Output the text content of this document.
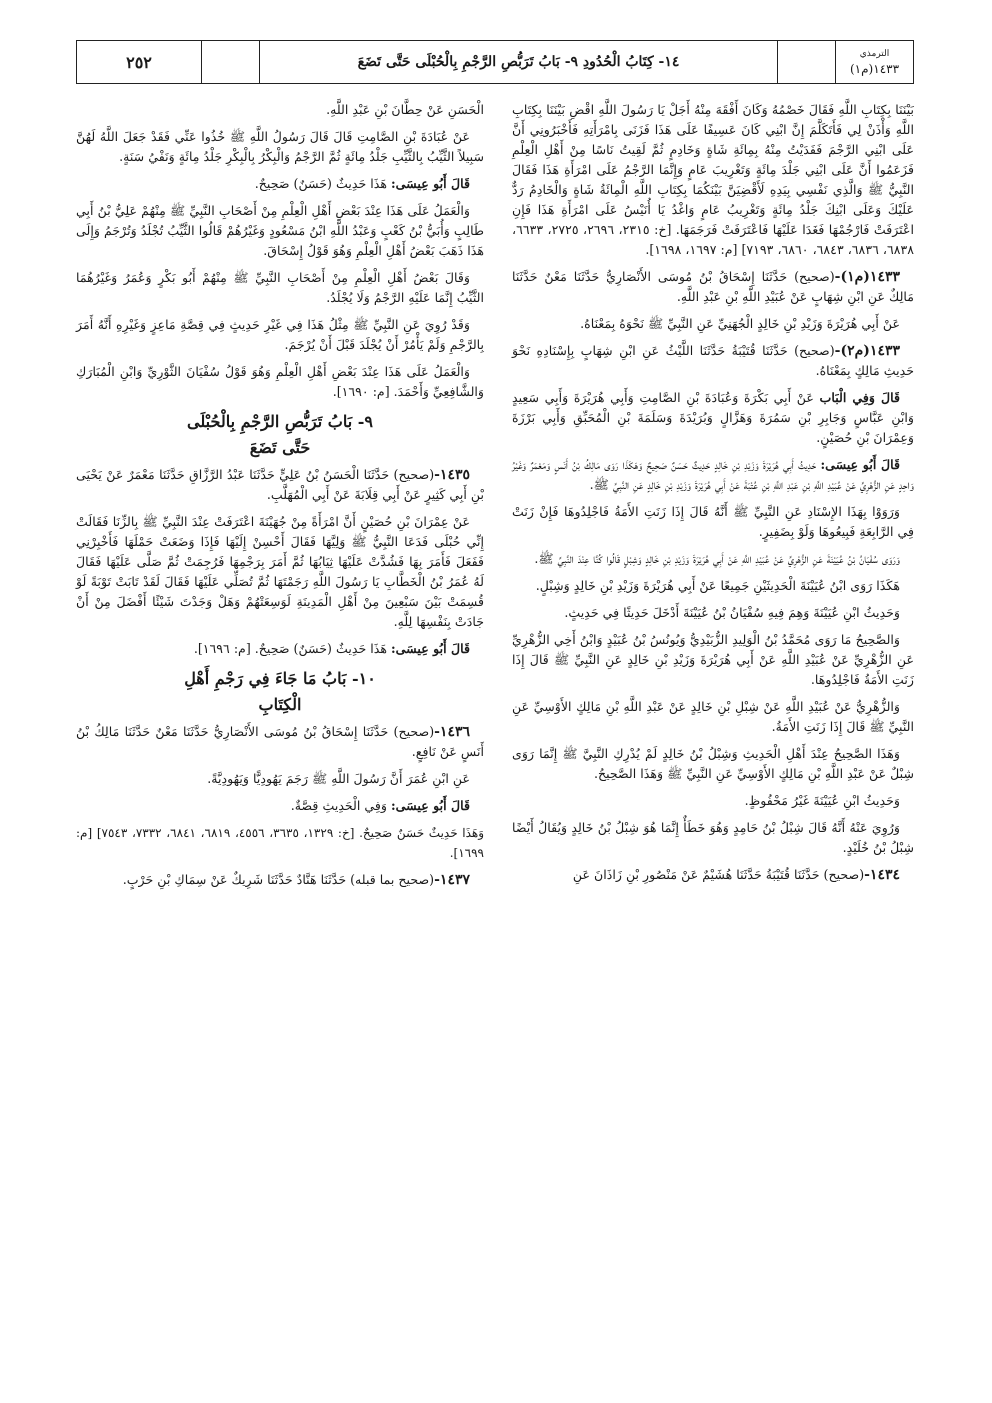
الترمذي
١٤٣٣(م١)
١٤- كِتَابُ الْحُدُودِ ٩- بَابُ تَرَبُّصِ الرَّجْمِ بِالْحُبْلَى حَتَّى تَضَعَ
٢٥٢

بَيْنَنَا بِكِتَابِ اللَّهِ فَقَالَ خَصْمُهُ وَكَانَ أَفْقَهَ مِنْهُ أَجَلْ يَا رَسُولَ اللَّهِ اقْضِ بَيْنَنَا بِكِتَابِ اللَّهِ وَأْذَنْ لِي فَأَتَكَلَّمَ إِنَّ ابْنِي كَانَ عَسِيفًا عَلَى هَذَا فَزَنَى بِامْرَأَتِهِ فَأَخْبَرُونِي أَنَّ عَلَى ابْنِي الرَّجْمَ فَفَدَيْتُ مِنْهُ بِمِائَةِ شَاةٍ وَخَادِمٍ ثُمَّ لَقِيتُ نَاسًا مِنْ أَهْلِ الْعِلْمِ فَزَعَمُوا أَنَّ عَلَى ابْنِي جَلْدَ مِائَةٍ وَتَغْرِيبَ عَامٍ وَإِنَّمَا الرَّجْمُ عَلَى امْرَأَةِ هَذَا فَقَالَ النَّبِيُّ ﷺ وَالَّذِي نَفْسِي بِيَدِهِ لَأَقْضِيَنَّ بَيْنَكُمَا بِكِتَابِ اللَّهِ الْمِائَةُ شَاةٍ وَالْخَادِمُ رَدٌّ عَلَيْكَ وَعَلَى ابْنِكَ جَلْدُ مِائَةٍ وَتَغْرِيبُ عَامٍ وَاغْدُ يَا أُنَيْسُ عَلَى امْرَأَةِ هَذَا فَإِنِ اعْتَرَفَتْ فَارْجُمْهَا فَغَدَا عَلَيْهَا فَاعْتَرَفَتْ فَرَجَمَهَا. [خ: ٢٣١٥، ٢٦٩٦، ٢٧٢٥، ٦٦٣٣، ٦٨٣٨، ٦٨٣٦، ٦٨٤٣، ٦٨٦٠، ٧١٩٣] [م: ١٦٩٧، ١٦٩٨].

١٤٣٣(م١)-(صحيح) حَدَّثَنَا إِسْحَاقُ بْنُ مُوسَى الأَنْصَارِيُّ حَدَّثَنَا مَعْنٌ حَدَّثَنَا مَالِكٌ عَنِ ابْنِ شِهَابٍ عَنْ عُبَيْدِ اللَّهِ بْنِ عَبْدِ اللَّهِ.

عَنْ أَبِي هُرَيْرَةَ وَزَيْدِ بْنِ خَالِدٍ الْجُهَنِيِّ عَنِ النَّبِيِّ ﷺ نَحْوَهُ بِمَعْنَاهُ.

١٤٣٣(م٢)-(صحيح) حَدَّثَنَا قُتَيْبَةُ حَدَّثَنَا اللَّيْثُ عَنِ ابْنِ شِهَابٍ بِإِسْنَادِهِ نَحْوَ حَدِيثِ مَالِكٍ بِمَعْنَاهُ.

قَالَ وَفِي الْبَاب عَنْ أَبِي بَكْرَةَ وَعُبَادَةَ بْنِ الصَّامِتِ وَأَبِي هُرَيْرَةَ وَأَبِي سَعِيدٍ وَابْنِ عَبَّاسٍ وَجَابِرِ بْنِ سَمُرَةَ وَهَزَّالٍ وَبُرَيْدَةَ وَسَلَمَةَ بْنِ الْمُحَبِّقِ وَأَبِي بَرْزَةَ وَعِمْرَانَ بْنِ حُصَيْنٍ.

قَالَ أَبُو عِيسَى: حَدِيثُ أَبِي هُرَيْرَةَ وَزَيْدِ بْنِ خَالِدٍ حَدِيثٌ حَسَنٌ صَحِيحٌ وَهَكَذَا رَوَى مَالِكُ بْنُ أَنَسٍ وَمَعْمَرٌ وَغَيْرُ وَاحِدٍ عَنِ الزُّهْرِيِّ عَنْ عُبَيْدِ اللَّهِ بْنِ عَبْدِ اللَّهِ بْنِ عُتْبَةَ عَنْ أَبِي هُرَيْرَةَ وَزَيْدِ بْنِ خَالِدٍ عَنِ النَّبِيِّ ﷺ.

وَرَوَوْا بِهَذَا الإِسْنَادِ عَنِ النَّبِيِّ ﷺ أَنَّهُ قَالَ إِذَا زَنَتِ الأَمَةُ فَاجْلِدُوهَا فَإِنْ زَنَتْ فِي الرَّابِعَةِ فَبِيعُوهَا وَلَوْ بِضَفِيرٍ.

وَرَوَى سُفْيَانُ بْنُ عُيَيْنَةَ عَنِ الزُّهْرِيِّ عَنْ عُبَيْدِ اللَّهِ عَنْ أَبِي هُرَيْرَةَ وَزَيْدِ بْنِ خَالِدٍ وَشِبْلٍ قَالُوا كُنَّا عِنْدَ النَّبِيِّ ﷺ.

هَكَذَا رَوَى ابْنُ عُيَيْنَةَ الْحَدِيثَيْنِ جَمِيعًا عَنْ أَبِي هُرَيْرَةَ وَزَيْدِ بْنِ خَالِدٍ وَشِبْلٍ.

وَحَدِيثُ ابْنِ عُيَيْنَةَ وَهِمَ فِيهِ سُفْيَانُ بْنُ عُيَيْنَةَ أَدْخَلَ حَدِيثًا فِي حَدِيثٍ.

وَالصَّحِيحُ مَا رَوَى مُحَمَّدُ بْنُ الْوَلِيدِ الزُّبَيْدِيُّ وَيُونُسُ بْنُ عُبَيْدٍ وَابْنُ أَخِي الزُّهْرِيِّ عَنِ الزُّهْرِيِّ عَنْ عُبَيْدِ اللَّهِ عَنْ أَبِي هُرَيْرَةَ وَزَيْدِ بْنِ خَالِدٍ عَنِ النَّبِيِّ ﷺ قَالَ إِذَا زَنَتِ الأَمَةُ فَاجْلِدُوهَا.

وَالزُّهْرِيُّ عَنْ عُبَيْدِ اللَّهِ عَنْ شِبْلِ بْنِ خَالِدٍ عَنْ عَبْدِ اللَّهِ بْنِ مَالِكٍ الأَوْسِيِّ عَنِ النَّبِيِّ ﷺ قَالَ إِذَا زَنَتِ الأَمَةُ.

وَهَذَا الصَّحِيحُ عِنْدَ أَهْلِ الْحَدِيثِ وَشِبْلُ بْنُ خَالِدٍ لَمْ يُدْرِكِ النَّبِيَّ ﷺ إِنَّمَا رَوَى شِبْلٌ عَنْ عَبْدِ اللَّهِ بْنِ مَالِكٍ الأَوْسِيِّ عَنِ النَّبِيِّ ﷺ وَهَذَا الصَّحِيحُ.

وَحَدِيثُ ابْنِ عُيَيْنَةَ غَيْرُ مَحْفُوظٍ.

وَرُوِيَ عَنْهُ أَنَّهُ قَالَ شِبْلُ بْنُ حَامِدٍ وَهُوَ خَطَأٌ إِنَّمَا هُوَ شِبْلُ بْنُ خَالِدٍ وَيُقَالُ أَيْضًا شِبْلُ بْنُ خُلَيْدٍ.

١٤٣٤-(صحيح) حَدَّثَنَا قُتَيْبَةُ حَدَّثَنَا هُشَيْمٌ عَنْ مَنْصُورِ بْنِ زَاذَانَ عَنِ

الْحَسَنِ عَنْ حِطَّانَ بْنِ عَبْدِ اللَّهِ.

عَنْ عُبَادَةَ بْنِ الصَّامِتِ قَالَ قَالَ رَسُولُ اللَّهِ ﷺ خُذُوا عَنِّي فَقَدْ جَعَلَ اللَّهُ لَهُنَّ سَبِيلاً الثَّيِّبُ بِالثَّيِّبِ جَلْدُ مِائَةٍ ثُمَّ الرَّجْمُ وَالْبِكْرُ بِالْبِكْرِ جَلْدُ مِائَةٍ وَنَفْيُ سَنَةٍ.

قَالَ أَبُو عِيسَى: هَذَا حَدِيثٌ (حَسَنٌ) صَحِيحٌ.

وَالْعَمَلُ عَلَى هَذَا عِنْدَ بَعْضِ أَهْلِ الْعِلْمِ مِنْ أَصْحَابِ النَّبِيِّ ﷺ مِنْهُمْ عَلِيُّ بْنُ أَبِي طَالِبٍ وَأُبَيُّ بْنُ كَعْبٍ وَعَبْدُ اللَّهِ ابْنُ مَسْعُودٍ وَغَيْرُهُمْ قَالُوا الثَّيِّبُ تُجْلَدُ وَتُرْجَمُ وَإِلَى هَذَا ذَهَبَ بَعْضُ أَهْلِ الْعِلْمِ وَهُوَ قَوْلُ إِسْحَاقَ.

وَقَالَ بَعْضُ أَهْلِ الْعِلْمِ مِنْ أَصْحَابِ النَّبِيِّ ﷺ مِنْهُمْ أَبُو بَكْرٍ وَعُمَرُ وَغَيْرُهُمَا الثَّيِّبُ إِنَّمَا عَلَيْهِ الرَّجْمُ وَلَا يُجْلَدُ.

وَقَدْ رُوِيَ عَنِ النَّبِيِّ ﷺ مِثْلُ هَذَا فِي غَيْرِ حَدِيثٍ فِي قِصَّةِ مَاعِزٍ وَغَيْرِهِ أَنَّهُ أَمَرَ بِالرَّجْمِ وَلَمْ يَأْمُرْ أَنْ يُجْلَدَ قَبْلَ أَنْ يُرْجَمَ.

وَالْعَمَلُ عَلَى هَذَا عِنْدَ بَعْضِ أَهْلِ الْعِلْمِ وَهُوَ قَوْلُ سُفْيَانَ الثَّوْرِيِّ وَابْنِ الْمُبَارَكِ وَالشَّافِعِيِّ وَأَحْمَدَ. [م: ١٦٩٠].

٩- بَابُ تَرَبُّصِ الرَّجْمِ بِالْحُبْلَى
حَتَّى تَضَعَ

١٤٣٥-(صحيح) حَدَّثَنَا الْحَسَنُ بْنُ عَلِيٍّ حَدَّثَنَا عَبْدُ الرَّزَّاقِ حَدَّثَنَا مَعْمَرٌ عَنْ يَحْيَى بْنِ أَبِي كَثِيرٍ عَنْ أَبِي قِلَابَةَ عَنْ أَبِي الْمُهَلَّبِ.

عَنْ عِمْرَانَ بْنِ حُصَيْنٍ أَنَّ امْرَأَةً مِنْ جُهَيْنَةَ اعْتَرَفَتْ عِنْدَ النَّبِيِّ ﷺ بِالزِّنَا فَقَالَتْ إِنِّي حُبْلَى فَدَعَا النَّبِيُّ ﷺ وَلِيَّهَا فَقَالَ أَحْسِنْ إِلَيْهَا فَإِذَا وَضَعَتْ حَمْلَهَا فَأَخْبِرْنِي فَفَعَلَ فَأَمَرَ بِهَا فَشُدَّتْ عَلَيْهَا ثِيَابُهَا ثُمَّ أَمَرَ بِرَجْمِهَا فَرُجِمَتْ ثُمَّ صَلَّى عَلَيْهَا فَقَالَ لَهُ عُمَرُ بْنُ الْخَطَّابِ يَا رَسُولَ اللَّهِ رَجَمْتَهَا ثُمَّ تُصَلِّي عَلَيْهَا فَقَالَ لَقَدْ تَابَتْ تَوْبَةً لَوْ قُسِمَتْ بَيْنَ سَبْعِينَ مِنْ أَهْلِ الْمَدِينَةِ لَوَسِعَتْهُمْ وَهَلْ وَجَدْتَ شَيْئًا أَفْضَلَ مِنْ أَنْ جَادَتْ بِنَفْسِهَا لِلَّهِ.

قَالَ أَبُو عِيسَى: هَذَا حَدِيثٌ (حَسَنٌ) صَحِيحٌ. [م: ١٦٩٦].

١٠- بَابُ مَا جَاءَ فِي رَجْمِ أَهْلِ
الْكِتَابِ

١٤٣٦-(صحيح) حَدَّثَنَا إِسْحَاقُ بْنُ مُوسَى الأَنْصَارِيُّ حَدَّثَنَا مَعْنٌ حَدَّثَنَا مَالِكُ بْنُ أَنَسٍ عَنْ نَافِعٍ.

عَنِ ابْنِ عُمَرَ أَنَّ رَسُولَ اللَّهِ ﷺ رَجَمَ يَهُودِيًّا وَيَهُودِيَّةً.

قَالَ أَبُو عِيسَى: وَفِي الْحَدِيثِ قِصَّةٌ.

وَهَذَا حَدِيثٌ حَسَنٌ صَحِيحٌ. [خ: ١٣٢٩، ٣٦٣٥، ٤٥٥٦، ٦٨١٩، ٦٨٤١، ٧٣٣٢، ٧٥٤٣] [م: ١٦٩٩].

١٤٣٧-(صحيح بما قبله) حَدَّثَنَا هَنَّادٌ حَدَّثَنَا شَرِيكٌ عَنْ سِمَاكِ بْنِ حَرْبٍ.
